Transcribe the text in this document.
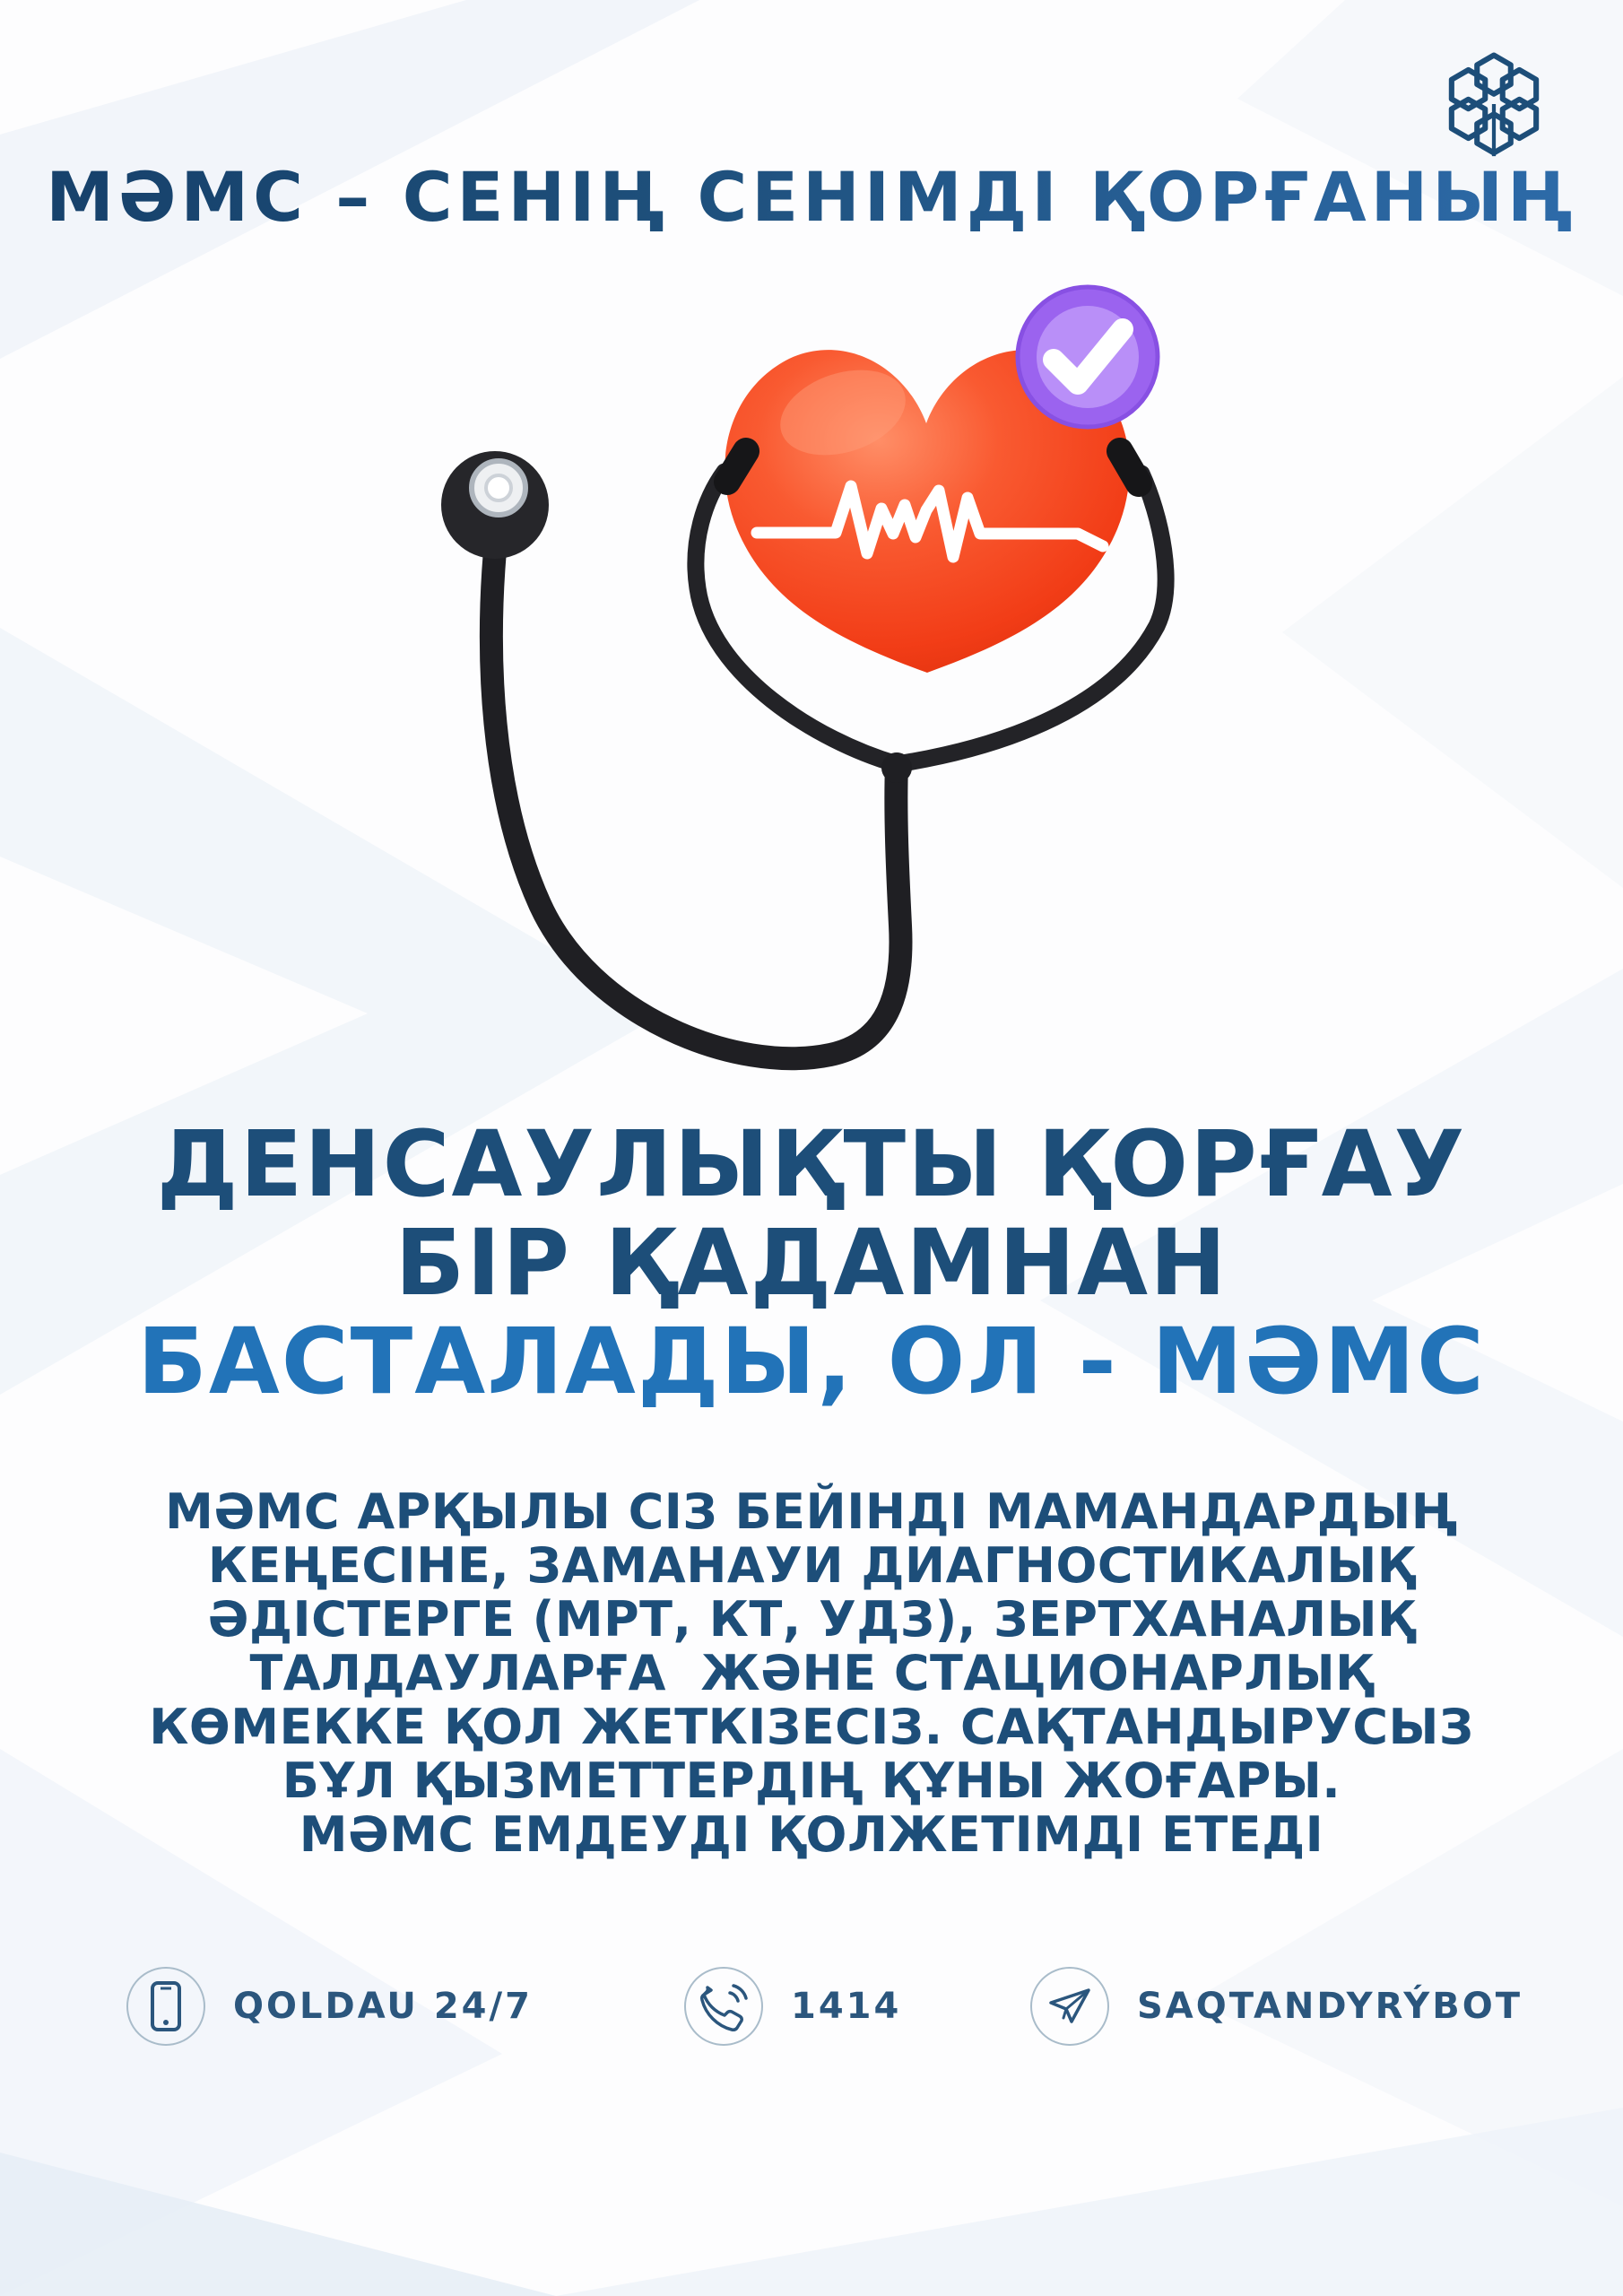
МӘМС – СЕНІҢ СЕНІМДІ ҚОРҒАНЫҢ
ДЕНСАУЛЫҚТЫ ҚОРҒАУ
БІР ҚАДАМНАН
БАСТАЛАДЫ, ОЛ - МӘМС
МӘМС АРҚЫЛЫ СІЗ БЕЙІНДІ МАМАНДАРДЫҢ
КЕҢЕСІНЕ, ЗАМАНАУИ ДИАГНОСТИКАЛЫҚ
ӘДІСТЕРГЕ (МРТ, КТ, УДЗ), ЗЕРТХАНАЛЫҚ
ТАЛДАУЛАРҒА  ЖӘНЕ СТАЦИОНАРЛЫҚ
КӨМЕККЕ ҚОЛ ЖЕТКІЗЕСІЗ. САҚТАНДЫРУСЫЗ
БҰЛ ҚЫЗМЕТТЕРДІҢ ҚҰНЫ ЖОҒАРЫ.
МӘМС ЕМДЕУДІ ҚОЛЖЕТІМДІ ЕТЕДІ
QOLDAU 24/7	1414	SAQTANDYRÝBOT
